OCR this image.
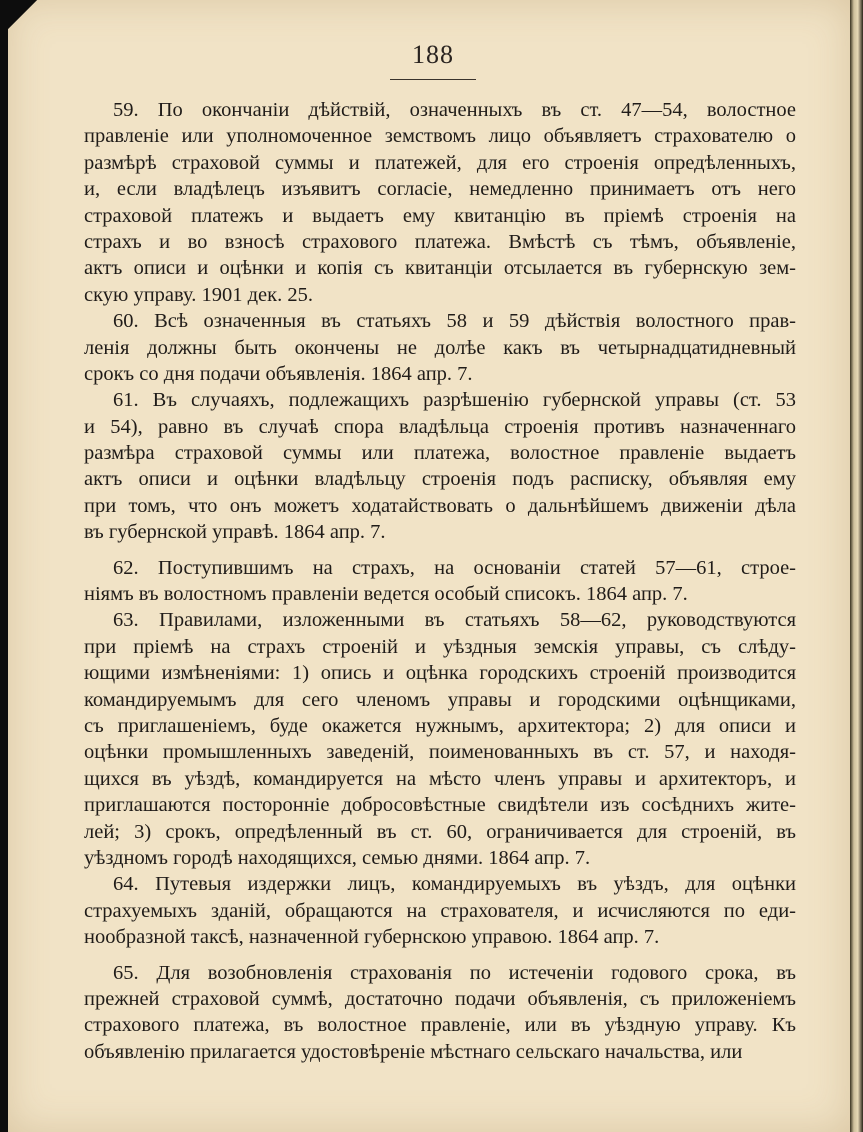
188
59. По окончаніи дѣйствій, означенныхъ въ ст. 47—54, волостное
правленіе или уполномоченное земствомъ лицо объявляетъ страхователю о
размѣрѣ страховой суммы и платежей, для его строенія опредѣленныхъ,
и, если владѣлецъ изъявитъ согласіе, немедленно принимаетъ отъ него
страховой платежъ и выдаетъ ему квитанцію въ пріемѣ строенія на
страхъ и во взносѣ страхового платежа. Вмѣстѣ съ тѣмъ, объявленіе,
актъ описи и оцѣнки и копія съ квитанціи отсылается въ губернскую зем-
скую управу. 1901 дек. 25.
60. Всѣ означенныя въ статьяхъ 58 и 59 дѣйствія волостного прав-
ленія должны быть окончены не долѣе какъ въ четырнадцатидневный
срокъ со дня подачи объявленія. 1864 апр. 7.
61. Въ случаяхъ, подлежащихъ разрѣшенію губернской управы (ст. 53
и 54), равно въ случаѣ спора владѣльца строенія противъ назначеннаго
размѣра страховой суммы или платежа, волостное правленіе выдаетъ
актъ описи и оцѣнки владѣльцу строенія подъ расписку, объявляя ему
при томъ, что онъ можетъ ходатайствовать о дальнѣйшемъ движеніи дѣла
въ губернской управѣ. 1864 апр. 7.
62. Поступившимъ на страхъ, на основаніи статей 57—61, строе-
ніямъ въ волостномъ правленіи ведется особый списокъ. 1864 апр. 7.
63. Правилами, изложенными въ статьяхъ 58—62, руководствуются
при пріемѣ на страхъ строеній и уѣздныя земскія управы, съ слѣду-
ющими измѣненіями: 1) опись и оцѣнка городскихъ строеній производится
командируемымъ для сего членомъ управы и городскими оцѣнщиками,
съ приглашеніемъ, буде окажется нужнымъ, архитектора; 2) для описи и
оцѣнки промышленныхъ заведеній, поименованныхъ въ ст. 57, и находя-
щихся въ уѣздѣ, командируется на мѣсто членъ управы и архитекторъ, и
приглашаются посторонніе добросовѣстные свидѣтели изъ сосѣднихъ жите-
лей; 3) срокъ, опредѣленный въ ст. 60, ограничивается для строеній, въ
уѣздномъ городѣ находящихся, семью днями. 1864 апр. 7.
64. Путевыя издержки лицъ, командируемыхъ въ уѣздъ, для оцѣнки
страхуемыхъ зданій, обращаются на страхователя, и исчисляются по еди-
нообразной таксѣ, назначенной губернскою управою. 1864 апр. 7.
65. Для возобновленія страхованія по истеченіи годового срока, въ
прежней страховой суммѣ, достаточно подачи объявленія, съ приложеніемъ
страхового платежа, въ волостное правленіе, или въ уѣздную управу. Къ
объявленію прилагается удостовѣреніе мѣстнаго сельскаго начальства, или
